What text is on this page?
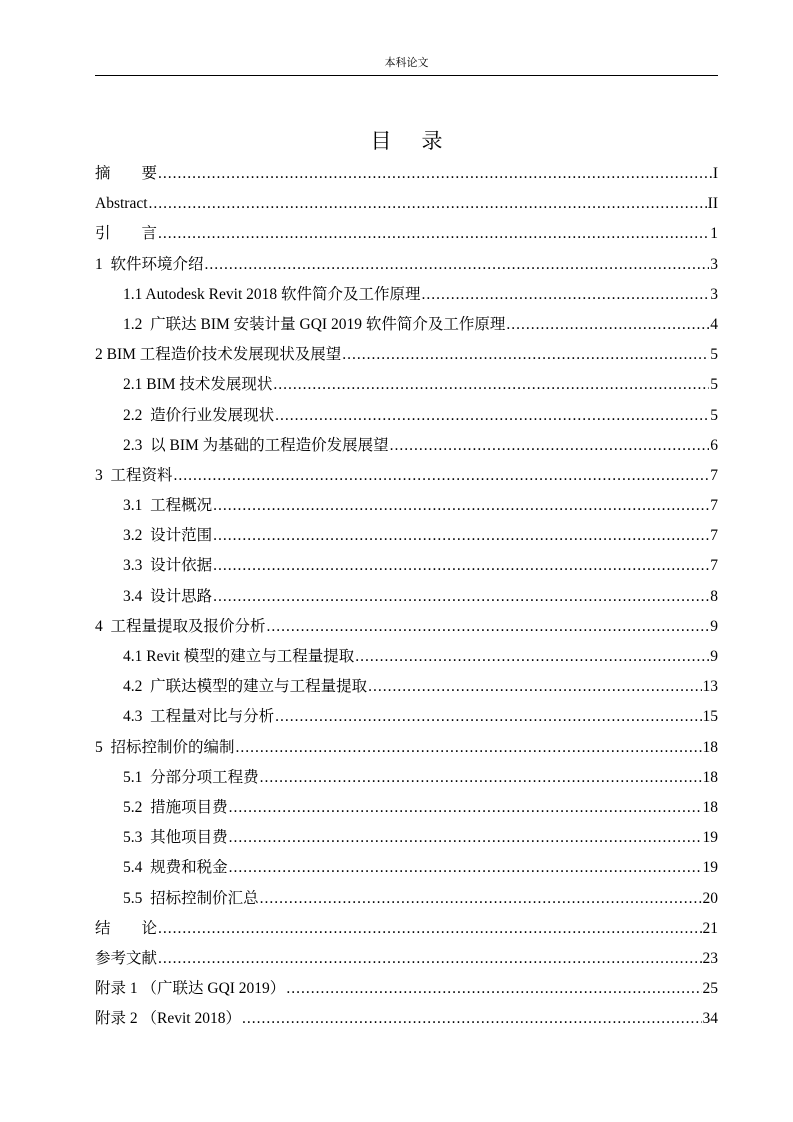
本科论文
目录
摘　　要 .....	I
Abstract .....	II
引　　言 .....	1
1  软件环境介绍 .....	3
1.1 Autodesk Revit 2018 软件简介及工作原理 .....	3
1.2  广联达 BIM 安装计量 GQI 2019 软件简介及工作原理 .....	4
2 BIM 工程造价技术发展现状及展望 .....	5
2.1 BIM 技术发展现状 .....	5
2.2  造价行业发展现状 .....	5
2.3  以 BIM 为基础的工程造价发展展望 .....	6
3  工程资料 .....	7
3.1  工程概况 .....	7
3.2  设计范围 .....	7
3.3  设计依据 .....	7
3.4  设计思路 .....	8
4  工程量提取及报价分析 .....	9
4.1 Revit 模型的建立与工程量提取 .....	9
4.2  广联达模型的建立与工程量提取 .....	13
4.3  工程量对比与分析 .....	15
5  招标控制价的编制 .....	18
5.1  分部分项工程费 .....	18
5.2  措施项目费 .....	18
5.3  其他项目费 .....	19
5.4  规费和税金 .....	19
5.5  招标控制价汇总 .....	20
结　　论 .....	21
参考文献 .....	23
附录 1 （广联达 GQI 2019） .....	25
附录 2 （Revit 2018） .....	34
